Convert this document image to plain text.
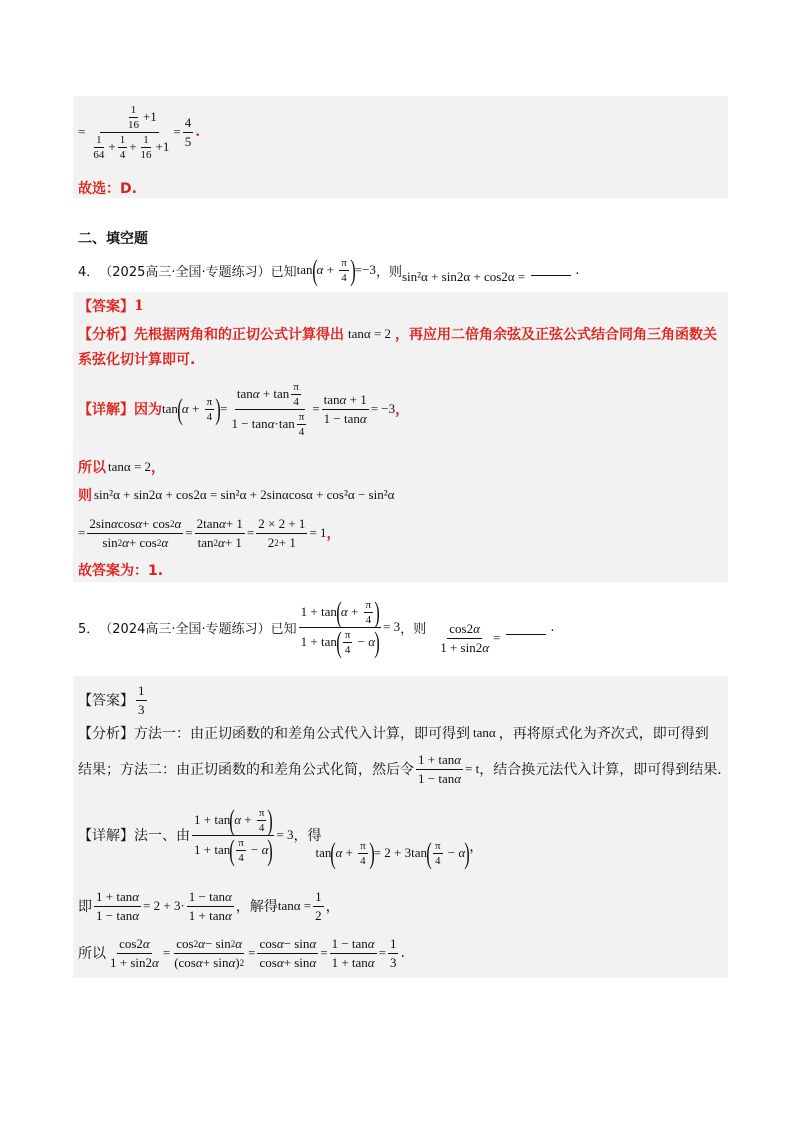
= $\frac{\frac{1}{16} +1}{\frac{1}{64} + \frac{1}{4} + \frac{1}{16} +1} = \frac{4}{5}$ .
故选：D.
二、填空题
4． （2025高三·全国·专题练习）已知 tan ( $\alpha + \frac{\pi}{4}$ ) =−3 ，则 sin²α + sin2α + cos2α =	.
【答案】 1
【分析】 先根据两角和的正切公式计算得出 tanα = 2 ，再应用二倍角余弦及正弦公式结合同角三角函数关
系弦化切计算即可.
【详解】 因为 tan ( $\alpha + \frac{\pi}{4}$ ) = $\frac{\tan \alpha + \tan \frac{\pi}{4}}{1 - \tan \alpha \cdot\tan \frac{\pi}{4}} = \frac{\text{tan α + 1}}{\text{1 − tan α}} = -3$ ，
所以 tanα = 2 ，
则 sin²α + sin2α + cos2α = sin²α + 2sinαcosα + cos²α − sin²α
= $\frac{\text{2sin α cos α + cos 2 α}}{\sin 2 \alpha + \cos 2 \alpha} = \frac{\text{2tan α + 1}}{\tan 2 \alpha + 1} = \frac{2 \times 2 + 1}{2 2 + 1} = 1$ ，
故答案为：1.
5． （2024高三·全国·专题练习）已知 $\frac{1 + \tan ( \alpha + \frac{\pi}{4} )}{1 + \tan ( \frac{\pi}{4} - \alpha )} = 3$ ，则 $\frac{\cos 2 \alpha}{1 + \sin 2 \alpha}$ =
.
【答案】 $\frac{1}{3}$
【分析】 方法一：由正切函数的和差角公式代入计算，即可得到 tanα ，再将原式化为齐次式，即可得到
结果；方法二：由正切函数的和差角公式化简，然后令 $\frac{\text{1 + tan α}}{\text{1 − tan α}} = t$ ，结合换元法代入计算，即可得到结果.
【详解】 法一、由 $\frac{1 + \tan ( \alpha + \frac{\pi}{4} )}{1 + \tan ( \frac{\pi}{4} - \alpha )} = 3$ ，得
tan ( $\alpha + \frac{\pi}{4}$ ) = 2 + 3tan ( $\frac{\pi}{4} - \alpha$ ) ，
即 $\frac{\text{1 + tan α}}{\text{1 − tan α}} = 2 + 3\cdot \frac{\text{1 − tan α}}{\text{1 + tan α}}$ ，解得 $\tan\alpha = \frac{1}{2}$ ，
所以 $\frac{\cos 2 \alpha}{1 + \sin 2 \alpha} = \frac{\cos 2 \alpha - \sin 2 \alpha}{\text{(cos α + sin α ) 2}} = \frac{\text{cos α − sin α}}{\text{cos α + sin α}} = \frac{\text{1 − tan α}}{\text{1 + tan α}} = \frac{1}{3}$ .
